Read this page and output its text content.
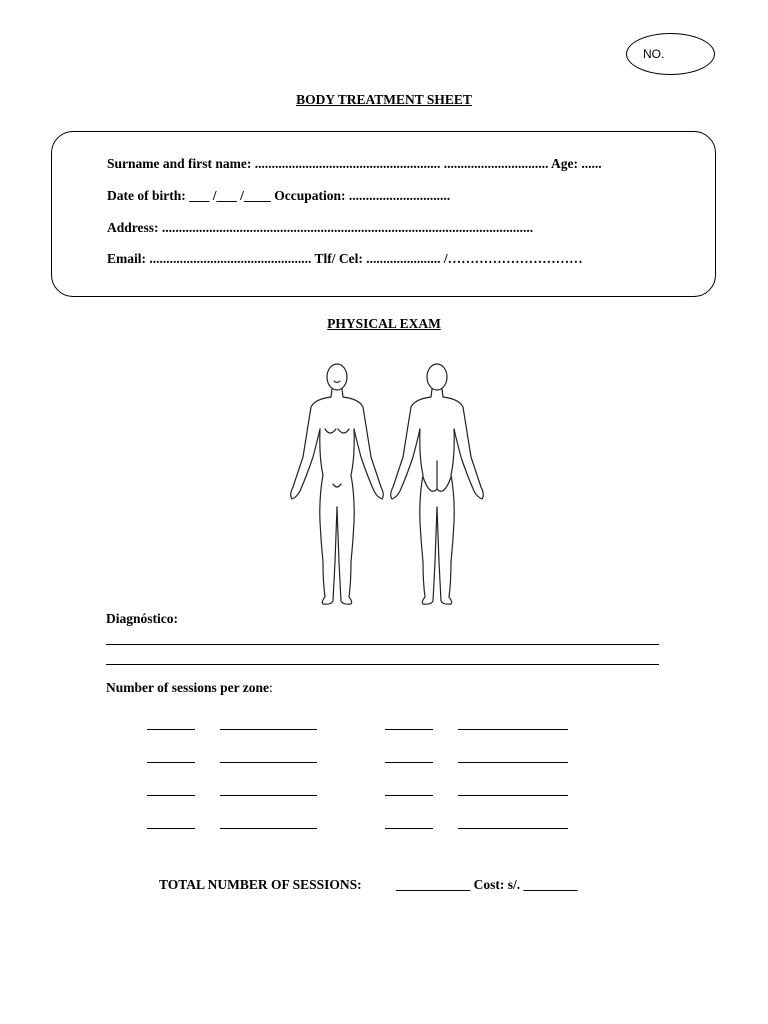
NO.
BODY TREATMENT SHEET
Surname and first name: ....................................................... ............................... Age: ......
Date of birth: ___ /___ /____ Occupation: ..............................
Address: ..............................................................................................................
Email: ................................................ Tlf/ Cel: ...................... /…………………………
PHYSICAL EXAM
Diagnóstico:
Number of sessions per zone:
TOTAL NUMBER OF SESSIONS:	___________ Cost: s/. ________
